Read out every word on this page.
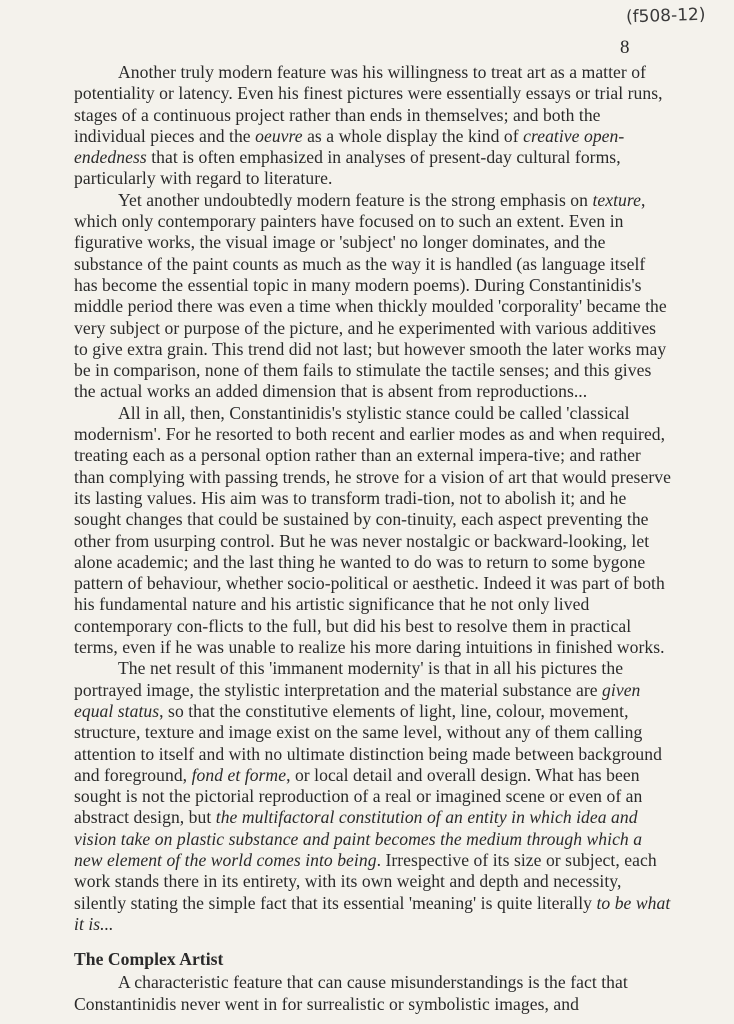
(f508-12)
8

Another truly modern feature was his willingness to treat art as a matter of potentiality or latency. Even his finest pictures were essentially essays or trial runs, stages of a continuous project rather than ends in themselves; and both the individual pieces and the oeuvre as a whole display the kind of creative open-endedness that is often emphasized in analyses of present-day cultural forms, particularly with regard to literature.

Yet another undoubtedly modern feature is the strong emphasis on texture, which only contemporary painters have focused on to such an extent. Even in figurative works, the visual image or 'subject' no longer dominates, and the substance of the paint counts as much as the way it is handled (as language itself has become the essential topic in many modern poems). During Constantinidis's middle period there was even a time when thickly moulded 'corporality' became the very subject or purpose of the picture, and he experimented with various additives to give extra grain. This trend did not last; but however smooth the later works may be in comparison, none of them fails to stimulate the tactile senses; and this gives the actual works an added dimension that is absent from reproductions...

All in all, then, Constantinidis's stylistic stance could be called 'classical modernism'. For he resorted to both recent and earlier modes as and when required, treating each as a personal option rather than an external impera-tive; and rather than complying with passing trends, he strove for a vision of art that would preserve its lasting values. His aim was to transform tradi-tion, not to abolish it; and he sought changes that could be sustained by con-tinuity, each aspect preventing the other from usurping control. But he was never nostalgic or backward-looking, let alone academic; and the last thing he wanted to do was to return to some bygone pattern of behaviour, whether socio-political or aesthetic. Indeed it was part of both his fundamental nature and his artistic significance that he not only lived contemporary con-flicts to the full, but did his best to resolve them in practical terms, even if he was unable to realize his more daring intuitions in finished works.

The net result of this 'immanent modernity' is that in all his pictures the portrayed image, the stylistic interpretation and the material substance are given equal status, so that the constitutive elements of light, line, colour, movement, structure, texture and image exist on the same level, without any of them calling attention to itself and with no ultimate distinction being made between background and foreground, fond et forme, or local detail and overall design. What has been sought is not the pictorial reproduction of a real or imagined scene or even of an abstract design, but the multifactoral constitution of an entity in which idea and vision take on plastic substance and paint becomes the medium through which a new element of the world comes into being. Irrespective of its size or subject, each work stands there in its entirety, with its own weight and depth and necessity, silently stating the simple fact that its essential 'meaning' is quite literally to be what it is...

The Complex Artist

A characteristic feature that can cause misunderstandings is the fact that Constantinidis never went in for surrealistic or symbolistic images, and
